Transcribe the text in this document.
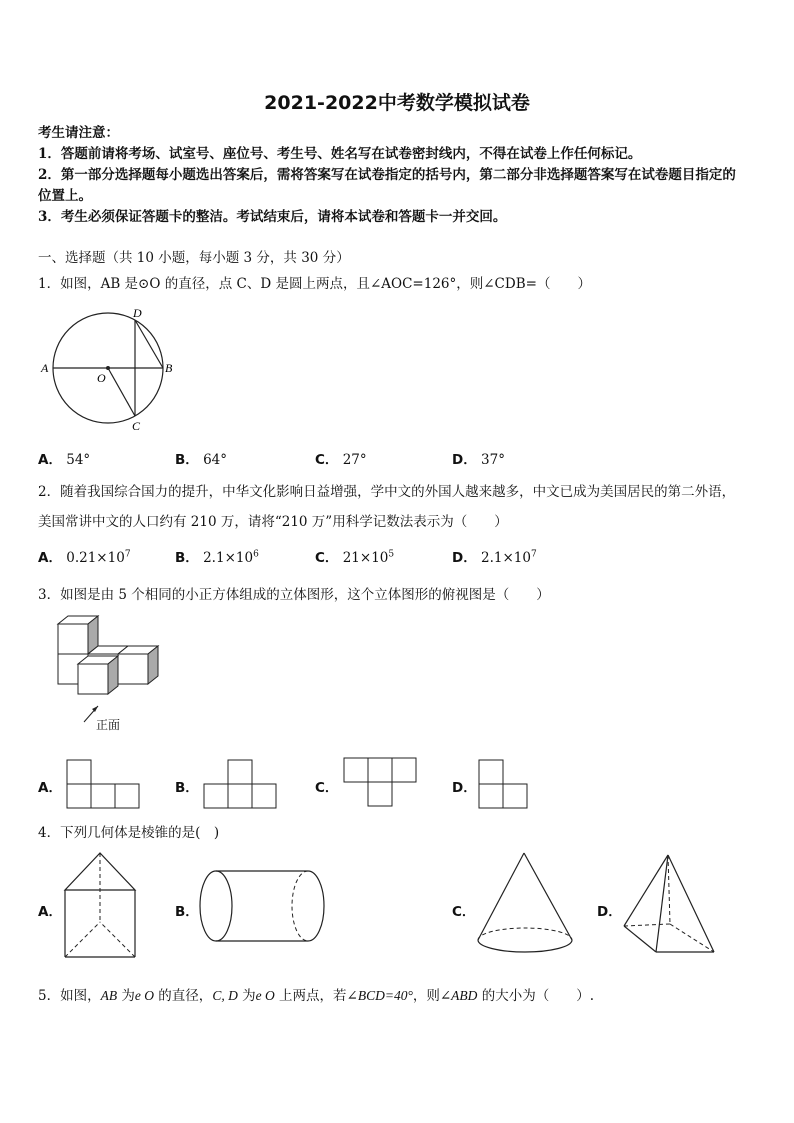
2021-2022中考数学模拟试卷
考生请注意：
1．答题前请将考场、试室号、座位号、考生号、姓名写在试卷密封线内，不得在试卷上作任何标记。
2．第一部分选择题每小题选出答案后，需将答案写在试卷指定的括号内，第二部分非选择题答案写在试卷题目指定的
位置上。
3．考生必须保证答题卡的整洁。考试结束后，请将本试卷和答题卡一并交回。
一、选择题（共 10 小题，每小题 3 分，共 30 分）
1．如图，AB 是⊙O 的直径，点 C、D 是圆上两点，且∠AOC=126°，则∠CDB=（　　）
A	B
C
D
O
A． 54°	B． 64°	C． 27°	D． 37°
2．随着我国综合国力的提升，中华文化影响日益增强，学中文的外国人越来越多，中文已成为美国居民的第二外语，
美国常讲中文的人口约有 210 万，请将“210 万”用科学记数法表示为（　　）
A． $0.21\times 10^7$	B． $2.1\times 10^6$	C． $21\times 10^5$	D． $2.1\times 10^7$
3．如图是由 5 个相同的小正方体组成的立体图形，这个立体图形的俯视图是（　　）
正面
A．	B．	C．	D．
4．下列几何体是棱锥的是(　)
A．	B．	C．	D．
5．如图，AB 为e O 的直径，C, D 为e O 上两点，若∠BCD=40°，则∠ABD 的大小为（　　）.
